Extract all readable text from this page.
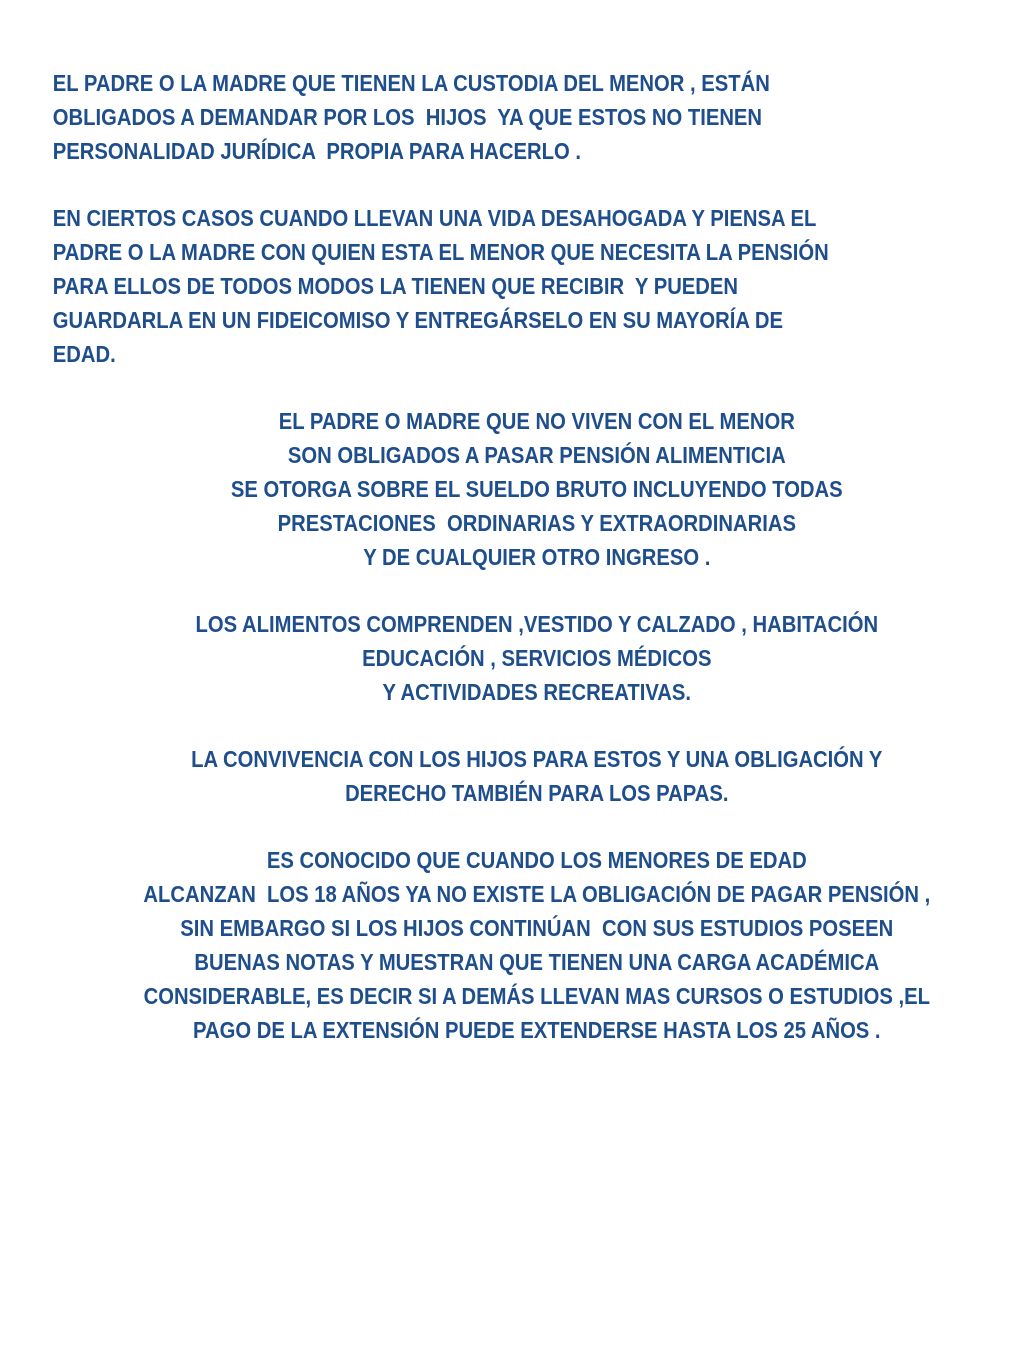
EL PADRE O LA MADRE QUE TIENEN LA CUSTODIA DEL MENOR , ESTÁN
OBLIGADOS A DEMANDAR POR LOS  HIJOS  YA QUE ESTOS NO TIENEN
PERSONALIDAD JURÍDICA  PROPIA PARA HACERLO .
EN CIERTOS CASOS CUANDO LLEVAN UNA VIDA DESAHOGADA Y PIENSA EL
PADRE O LA MADRE CON QUIEN ESTA EL MENOR QUE NECESITA LA PENSIÓN
PARA ELLOS DE TODOS MODOS LA TIENEN QUE RECIBIR  Y PUEDEN
GUARDARLA EN UN FIDEICOMISO Y ENTREGÁRSELO EN SU MAYORÍA DE
EDAD.
EL PADRE O MADRE QUE NO VIVEN CON EL MENOR
SON OBLIGADOS A PASAR PENSIÓN ALIMENTICIA
SE OTORGA SOBRE EL SUELDO BRUTO INCLUYENDO TODAS
PRESTACIONES  ORDINARIAS Y EXTRAORDINARIAS
Y DE CUALQUIER OTRO INGRESO .
LOS ALIMENTOS COMPRENDEN ,VESTIDO Y CALZADO , HABITACIÓN
EDUCACIÓN , SERVICIOS MÉDICOS
Y ACTIVIDADES RECREATIVAS.
LA CONVIVENCIA CON LOS HIJOS PARA ESTOS Y UNA OBLIGACIÓN Y
DERECHO TAMBIÉN PARA LOS PAPAS.
ES CONOCIDO QUE CUANDO LOS MENORES DE EDAD
ALCANZAN  LOS 18 AÑOS YA NO EXISTE LA OBLIGACIÓN DE PAGAR PENSIÓN ,
SIN EMBARGO SI LOS HIJOS CONTINÚAN  CON SUS ESTUDIOS POSEEN
BUENAS NOTAS Y MUESTRAN QUE TIENEN UNA CARGA ACADÉMICA
CONSIDERABLE, ES DECIR SI A DEMÁS LLEVAN MAS CURSOS O ESTUDIOS ,EL
PAGO DE LA EXTENSIÓN PUEDE EXTENDERSE HASTA LOS 25 AÑOS .
